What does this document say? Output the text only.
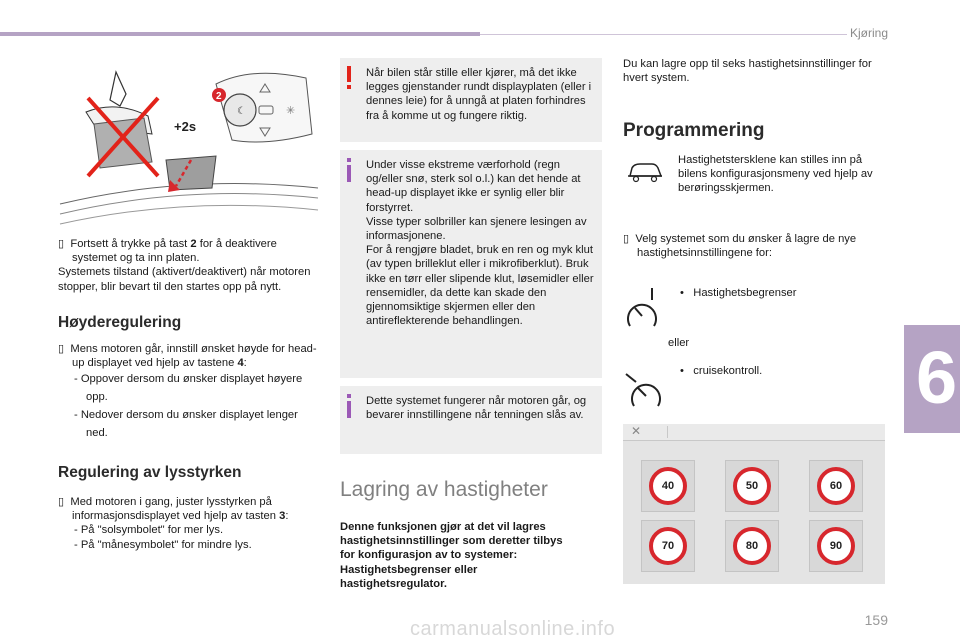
Kjøring
☾	✳
2
+2s

▯  Fortsett å trykke på tast 2 for å deaktivere systemet og ta inn platen.

Systemets tilstand (aktivert/deaktivert) når motoren stopper, blir bevart til den startes opp på nytt.

Høyderegulering

▯  Mens motoren går, innstill ønsket høyde for head-up displayet ved hjelp av tastene 4:

- Oppover dersom du ønsker displayet høyere opp.

- Nedover dersom du ønsker displayet lenger ned.

Regulering av lysstyrken

▯  Med motoren i gang, juster lysstyrken på informasjonsdisplayet ved hjelp av tasten 3:

- På "solsymbolet" for mer lys.

- På "månesymbolet" for mindre lys.

Når bilen står stille eller kjører, må det ikke legges gjenstander rundt displayplaten (eller i dennes leie) for å unngå at platen forhindres fra å komme ut og fungere riktig.

Under visse ekstreme værforhold (regn og/eller snø, sterk sol o.l.) kan det hende at head-up displayet ikke er synlig eller blir forstyrret.

Visse typer solbriller kan sjenere lesingen av informasjonene.

For å rengjøre bladet, bruk en ren og myk klut (av typen brilleklut eller i mikrofiberklut). Bruk ikke en tørr eller slipende klut, løsemidler eller rensemidler, da dette kan skade den gjennomsiktige skjermen eller den antireflekterende behandlingen.

Dette systemet fungerer når motoren går, og bevarer innstillingene når tenningen slås av.
Lagring av hastigheter

Denne funksjonen gjør at det vil lagres hastighetsinnstillinger som deretter tilbys for konfigurasjon av to systemer: Hastighetsbegrenser eller hastighetsregulator.

Du kan lagre opp til seks hastighetsinnstillinger for hvert system.

Programmering
Hastighetstersklene kan stilles inn på bilens konfigurasjonsmeny ved hjelp av berøringsskjermen.

▯  Velg systemet som du ønsker å lagre de nye hastighetsinnstillingene for:

•   Hastighetsbegrenser
eller
•   cruisekontroll.
✕
40	50	60
70	80	90
6
159
carmanualsonline.info
